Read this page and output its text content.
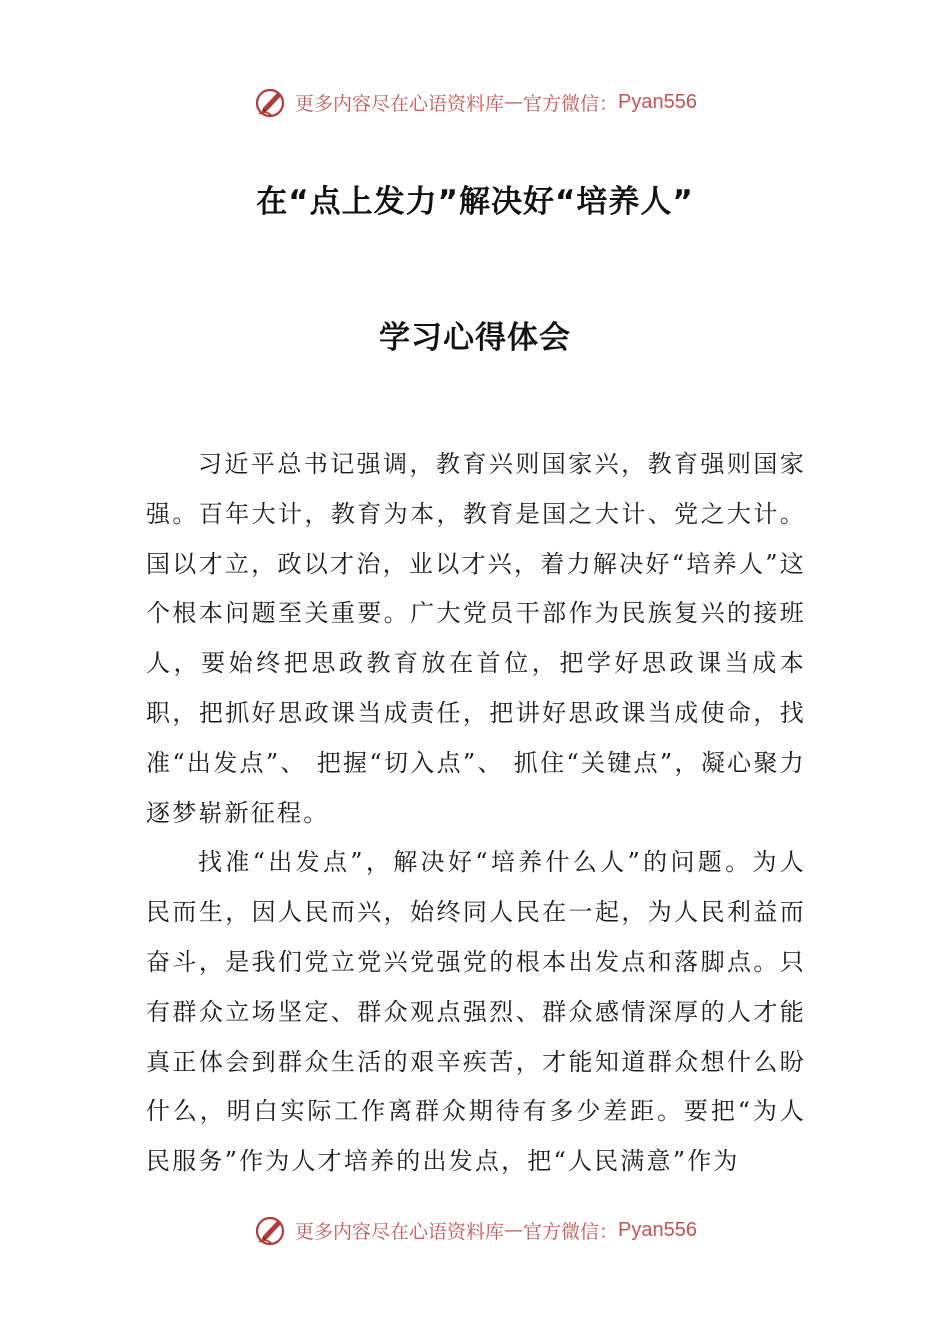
更多内容尽在心语资料库 — 官方微信： Pyan556
在“点上发力”解决好“培养人”
学习心得体会

习近平总书记强调，教育兴则国家兴，教育强则国家强。百年大计，教育为本，教育是国之大计、党之大计。国以才立，政以才治，业以才兴，着力解决好“培养人”这个根本问题至关重要。广大党员干部作为民族复兴的接班人，要始终把思政教育放在首位，把学好思政课当成本职，把抓好思政课当成责任，把讲好思政课当成使命，找准“出发点”、 把握“切入点”、 抓住“关键点”，凝心聚力逐梦崭新征程。

找准“出发点”，解决好“培养什么人”的问题。为人民而生，因人民而兴，始终同人民在一起，为人民利益而奋斗，是我们党立党兴党强党的根本出发点和落脚点。只有群众立场坚定、群众观点强烈、群众感情深厚的人才能真正体会到群众生活的艰辛疾苦，才能知道群众想什么盼什么，明白实际工作离群众期待有多少差距。要把“为人民服务”作为人才培养的出发点，把“人民满意”作为

更多内容尽在心语资料库 — 官方微信： Pyan556
